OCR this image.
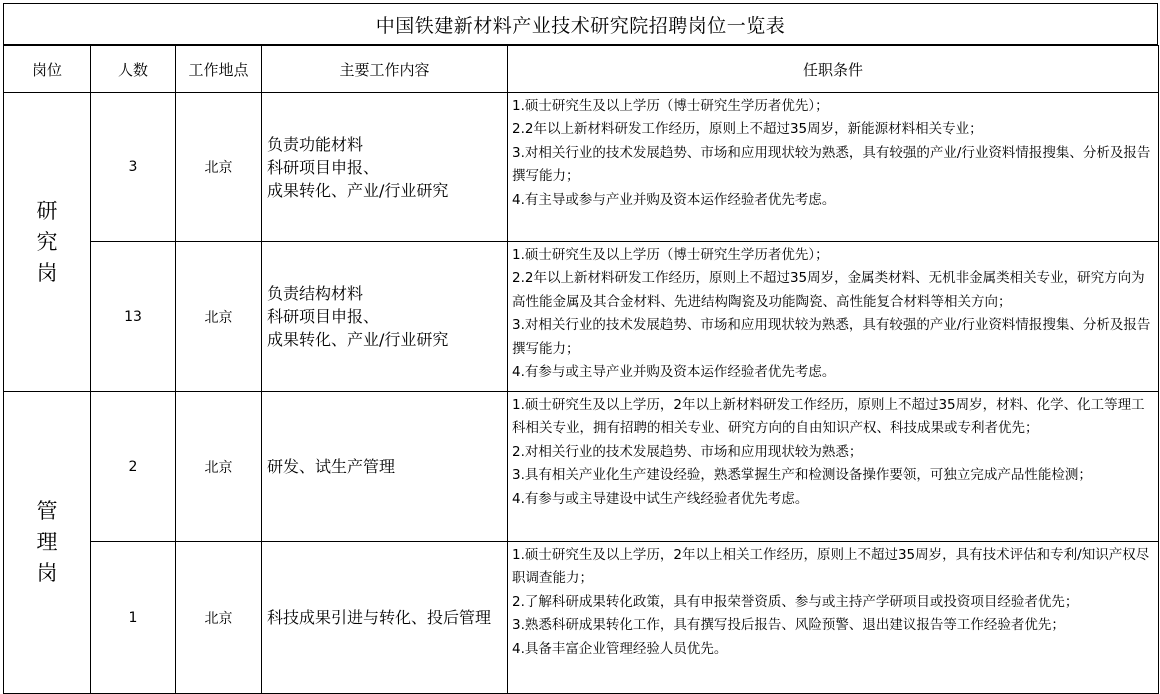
中国铁建新材料产业技术研究院招聘岗位一览表
岗位	人数	工作地点	主要工作内容	任职条件

研
究
岗	3	北京	负责功能材料
科研项目申报、
成果转化、产业/行业研究	1.硕士研究生及以上学历（博士研究生学历者优先）；
2.2年以上新材料研发工作经历，原则上不超过35周岁，新能源材料相关专业；
3.对相关行业的技术发展趋势、市场和应用现状较为熟悉，具有较强的产业/行业资料情报搜集、分析及报告撰写能力；
4.有主导或参与产业并购及资本运作经验者优先考虑。

	13	北京	负责结构材料
科研项目申报、
成果转化、产业/行业研究	1.硕士研究生及以上学历（博士研究生学历者优先）；
2.2年以上新材料研发工作经历，原则上不超过35周岁，金属类材料、无机非金属类相关专业，研究方向为高性能金属及其合金材料、先进结构陶瓷及功能陶瓷、高性能复合材料等相关方向；
3.对相关行业的技术发展趋势、市场和应用现状较为熟悉，具有较强的产业/行业资料情报搜集、分析及报告撰写能力；
4.有参与或主导产业并购及资本运作经验者优先考虑。

管
理
岗	2	北京	研发、试生产管理	1.硕士研究生及以上学历，2年以上新材料研发工作经历，原则上不超过35周岁，材料、化学、化工等理工科相关专业，拥有招聘的相关专业、研究方向的自由知识产权、科技成果或专利者优先；
2.对相关行业的技术发展趋势、市场和应用现状较为熟悉；
3.具有相关产业化生产建设经验，熟悉掌握生产和检测设备操作要领，可独立完成产品性能检测；
4.有参与或主导建设中试生产线经验者优先考虑。

	1	北京	科技成果引进与转化、投后管理	1.硕士研究生及以上学历，2年以上相关工作经历，原则上不超过35周岁，具有技术评估和专利/知识产权尽职调查能力；
2.了解科研成果转化政策，具有申报荣誉资质、参与或主持产学研项目或投资项目经验者优先；
3.熟悉科研成果转化工作，具有撰写投后报告、风险预警、退出建议报告等工作经验者优先；
4.具备丰富企业管理经验人员优先。
